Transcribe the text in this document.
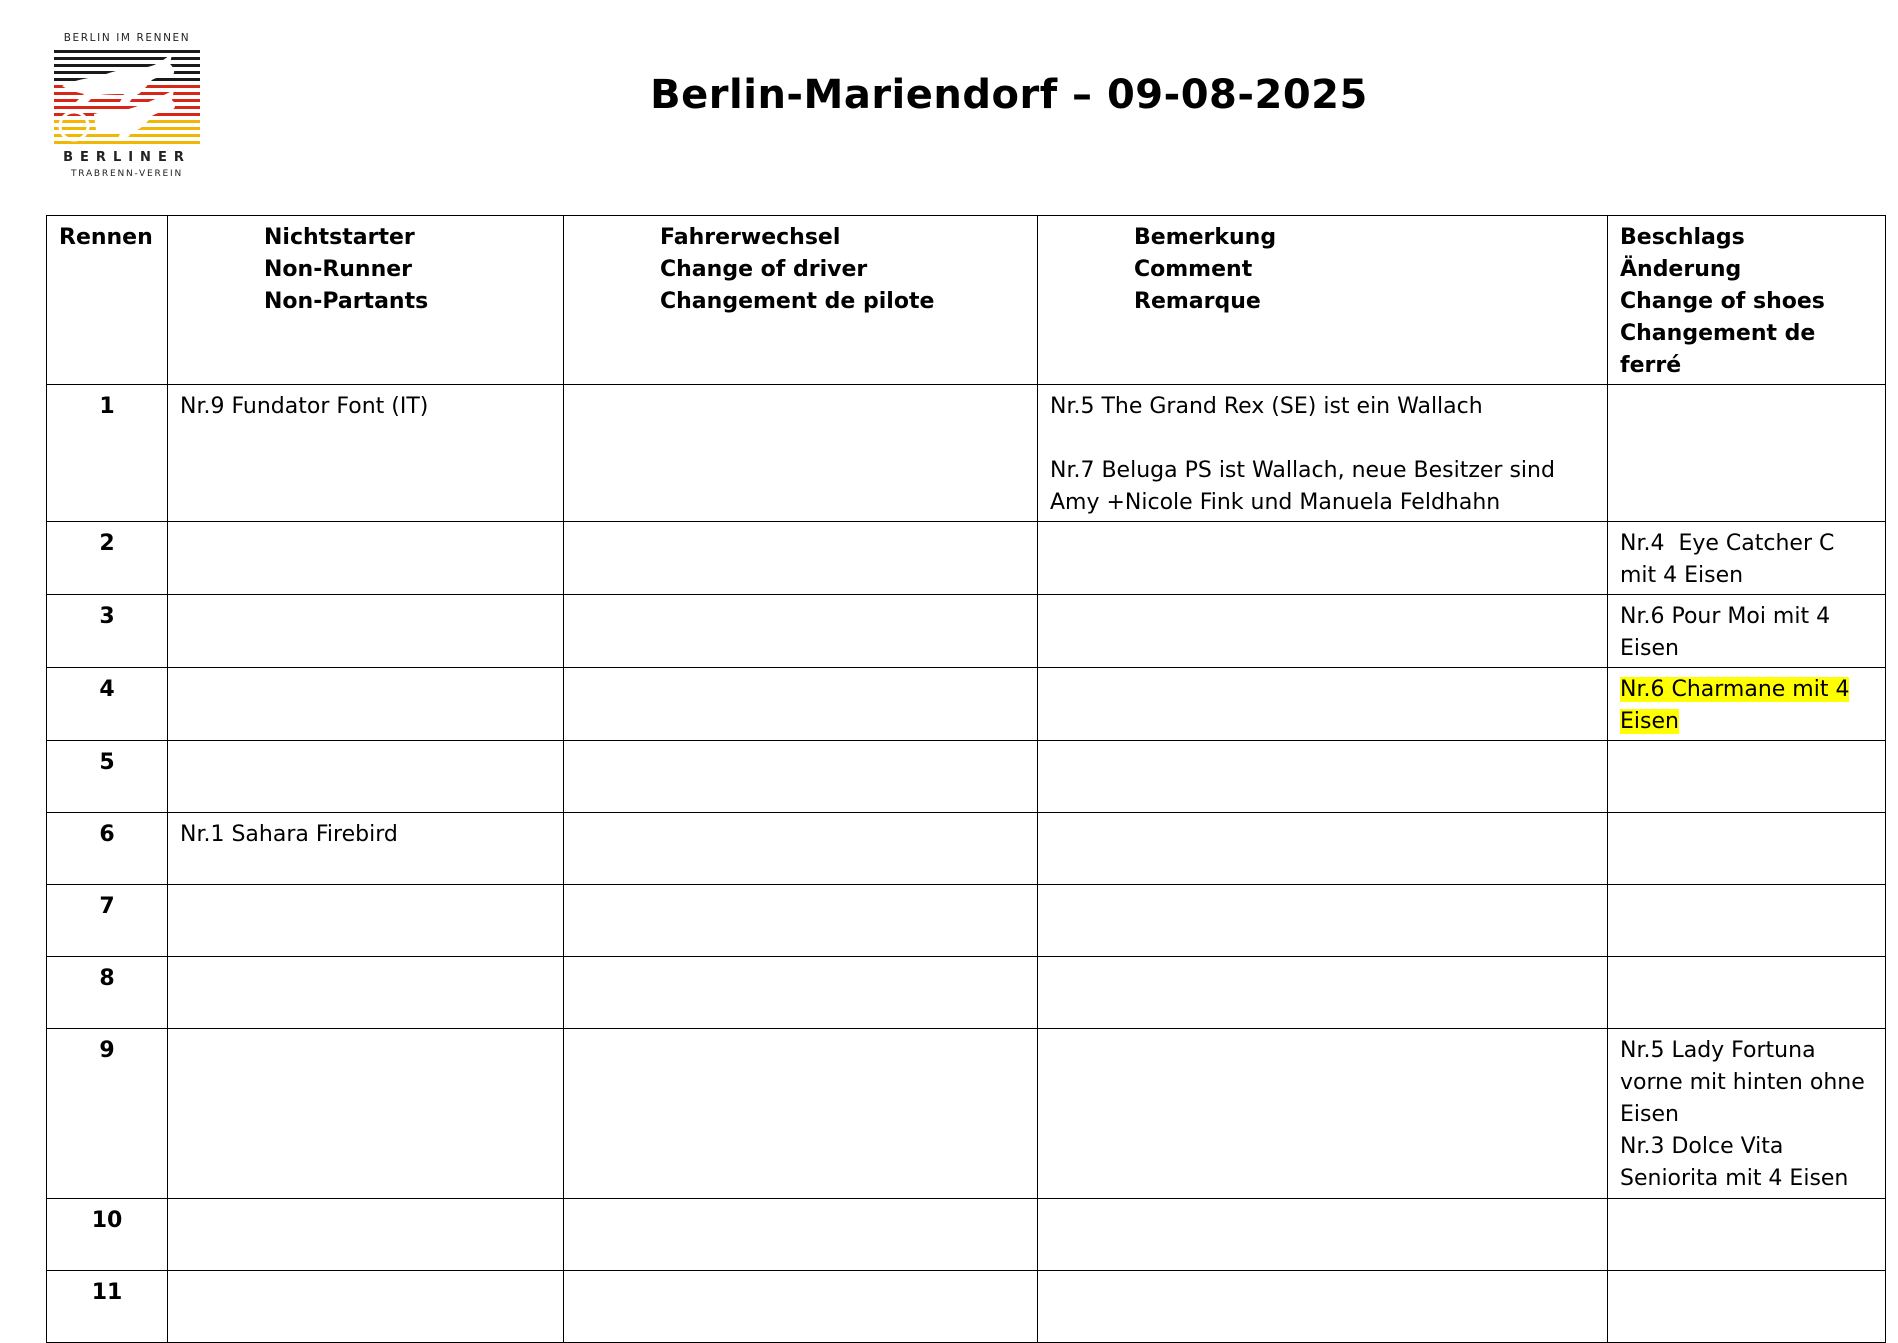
BERLIN IM RENNEN
BERLINER
TRABRENN-VEREIN
Berlin-Mariendorf – 09-08-2025
Rennen	Nichtstarter
Non-Runner
Non-Partants	Fahrerwechsel
Change of driver
Changement de pilote	Bemerkung
Comment
Remarque	Beschlags Änderung
Change of shoes
Changement de ferré

1	Nr.9 Fundator Font (IT)		Nr.5 The Grand Rex (SE) ist ein Wallach

Nr.7 Beluga PS ist Wallach, neue Besitzer sind
Amy +Nicole Fink und Manuela Feldhahn	

2				Nr.4  Eye Catcher C
mit 4 Eisen

3				Nr.6 Pour Moi mit 4
Eisen

4				Nr.6 Charmane mit 4
Eisen

5				
6	Nr.1 Sahara Firebird			

7				
8				
9				Nr.5 Lady Fortuna
vorne mit hinten ohne
Eisen
Nr.3 Dolce Vita
Seniorita mit 4 Eisen

10				
11				
